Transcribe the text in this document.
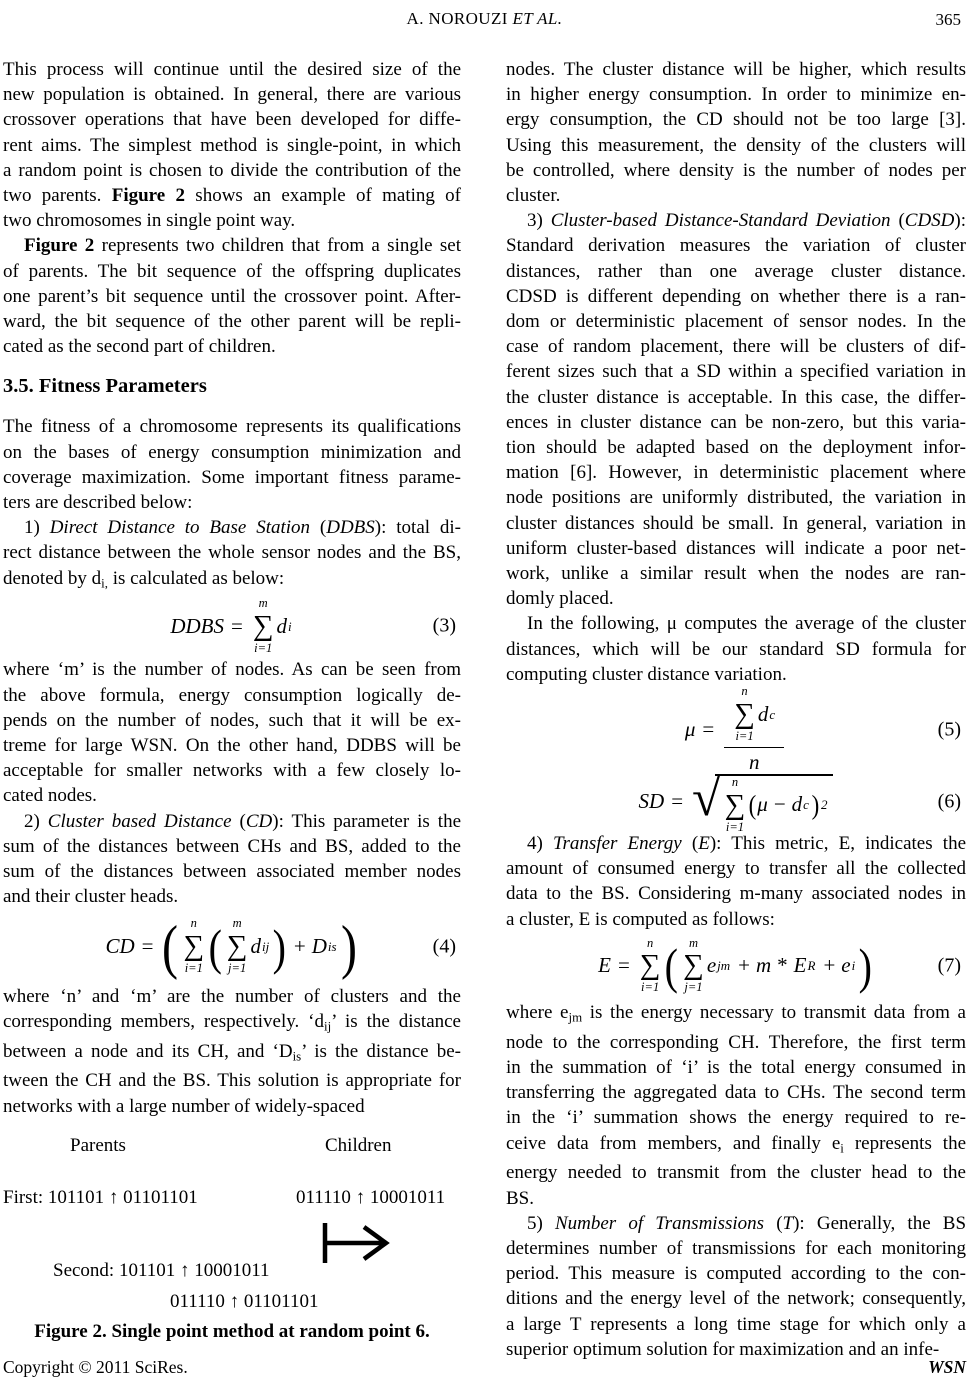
A. NOROUZI ET AL.	365
This process will continue until the desired size of the
new population is obtained. In general, there are various
crossover operations that have been developed for diffe-
rent aims. The simplest method is single-point, in which
a random point is chosen to divide the contribution of the
two parents. Figure 2 shows an example of mating of
two chromosomes in single point way.
Figure 2 represents two children that from a single set
of parents. The bit sequence of the offspring duplicates
one parent’s bit sequence until the crossover point. After-
ward, the bit sequence of the other parent will be repli-
cated as the second part of children.
3.5. Fitness Parameters
The fitness of a chromosome represents its qualifications
on the bases of energy consumption minimization and
coverage maximization. Some important fitness parame-
ters are described below:
1) Direct Distance to Base Station (DDBS): total di-
rect distance between the whole sensor nodes and the BS,
denoted by di, is calculated as below:
DDBS =
m
∑
i=1
d i	(3)
where ‘m’ is the number of nodes. As can be seen from
the above formula, energy consumption logically de-
pends on the number of nodes, such that it will be ex-
treme for large WSN. On the other hand, DDBS will be
acceptable for smaller networks with a few closely lo-
cated nodes.
2) Cluster based Distance (CD): This parameter is the
sum of the distances between CHs and BS, added to the
sum of the distances between associated member nodes
and their cluster heads.
CD = ( n
∑
i=1 ( m
∑
j=1
d ij ) + D is )	(4)
where ‘n’ and ‘m’ are the number of clusters and the
corresponding members, respectively. ‘dij’ is the distance
between a node and its CH, and ‘Dis’ is the distance be-
tween the CH and the BS. This solution is appropriate for
networks with a large number of widely-spaced
Parents	Children
First: 101101 ↑ 01101101	011110 ↑ 10001011
Second: 101101 ↑ 10001011
011110 ↑ 01101101
Figure 2. Single point method at random point 6.
nodes. The cluster distance will be higher, which results
in higher energy consumption. In order to minimize en-
ergy consumption, the CD should not be too large [3].
Using this measurement, the density of the clusters will
be controlled, where density is the number of nodes per
cluster.
3) Cluster-based Distance-Standard Deviation (CDSD):
Standard derivation measures the variation of cluster
distances, rather than one average cluster distance.
CDSD is different depending on whether there is a ran-
dom or deterministic placement of sensor nodes. In the
case of random placement, there will be clusters of dif-
ferent sizes such that a SD within a specified variation in
the cluster distance is acceptable. In this case, the differ-
ences in cluster distance can be non-zero, but this varia-
tion should be adapted based on the deployment infor-
mation [6]. However, in deterministic placement where
node positions are uniformly distributed, the variation in
cluster distances should be small. In general, variation in
uniform cluster-based distances will indicate a poor net-
work, unlike a similar result when the nodes are ran-
domly placed.
In the following, μ computes the average of the cluster
distances, which will be our standard SD formula for
computing cluster distance variation.
μ =
n
∑
i=1
d c
n
(5)
SD = √ n
∑
i=1
( μ − d c ) 2	(6)
4) Transfer Energy (E): This metric, E, indicates the
amount of consumed energy to transfer all the collected
data to the BS. Considering m-many associated nodes in
a cluster, E is computed as follows:
E =
n
∑
i=1 ( m
∑
j=1
e jm + m * E R + e i )	(7)
where ejm is the energy necessary to transmit data from a
node to the corresponding CH. Therefore, the first term
in the summation of ‘i’ is the total energy consumed in
transferring the aggregated data to CHs. The second term
in the ‘i’ summation shows the energy required to re-
ceive data from members, and finally ei represents the
energy needed to transmit from the cluster head to the
BS.
5) Number of Transmissions (T): Generally, the BS
determines number of transmissions for each monitoring
period. This measure is computed according to the con-
ditions and the energy level of the network; consequently,
a large T represents a long time stage for which only a
superior optimum solution for maximization and an infe-
Copyright © 2011 SciRes.	WSN
